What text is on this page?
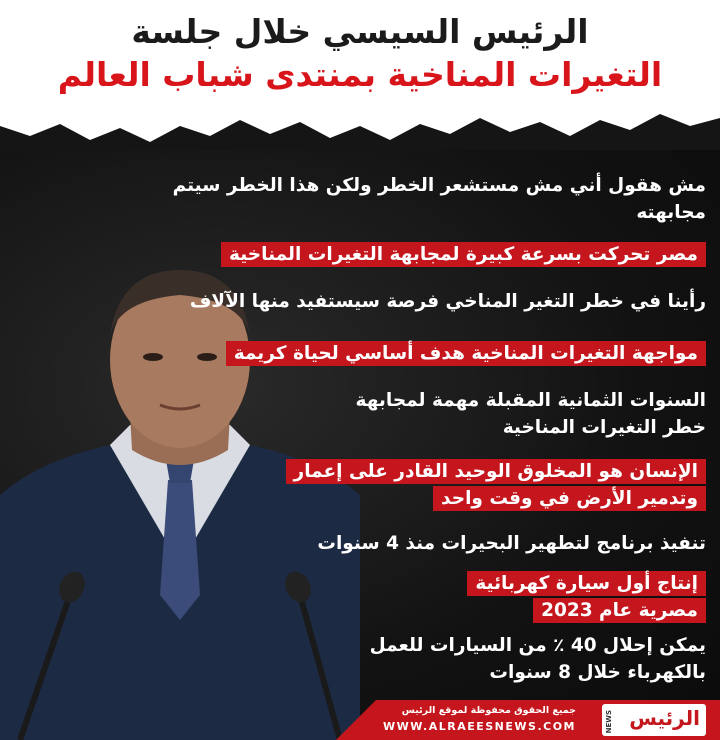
الرئيس السيسي خلال جلسة
التغيرات المناخية بمنتدى شباب العالم
مش هقول أني مش مستشعر الخطر ولكن هذا الخطر سيتم مجابهته
مصر تحركت بسرعة كبيرة لمجابهة التغيرات المناخية
رأينا في خطر التغير المناخي فرصة سيستفيد منها الآلاف
مواجهة التغيرات المناخية هدف أساسي لحياة كريمة
السنوات الثمانية المقبلة مهمة لمجابهة خطر التغيرات المناخية
الإنسان هو المخلوق الوحيد القادر على إعمار وتدمير الأرض في وقت واحد
تنفيذ برنامج لتطهير البحيرات منذ 4 سنوات
إنتاج أول سيارة كهربائية مصرية عام 2023
يمكن إحلال 40 ٪ من السيارات للعمل بالكهرباء خلال 8 سنوات
جميع الحقوق محفوظة لموقع الرئيس
WWW.ALRAEESNEWS.COM	NEWS الرئيس
